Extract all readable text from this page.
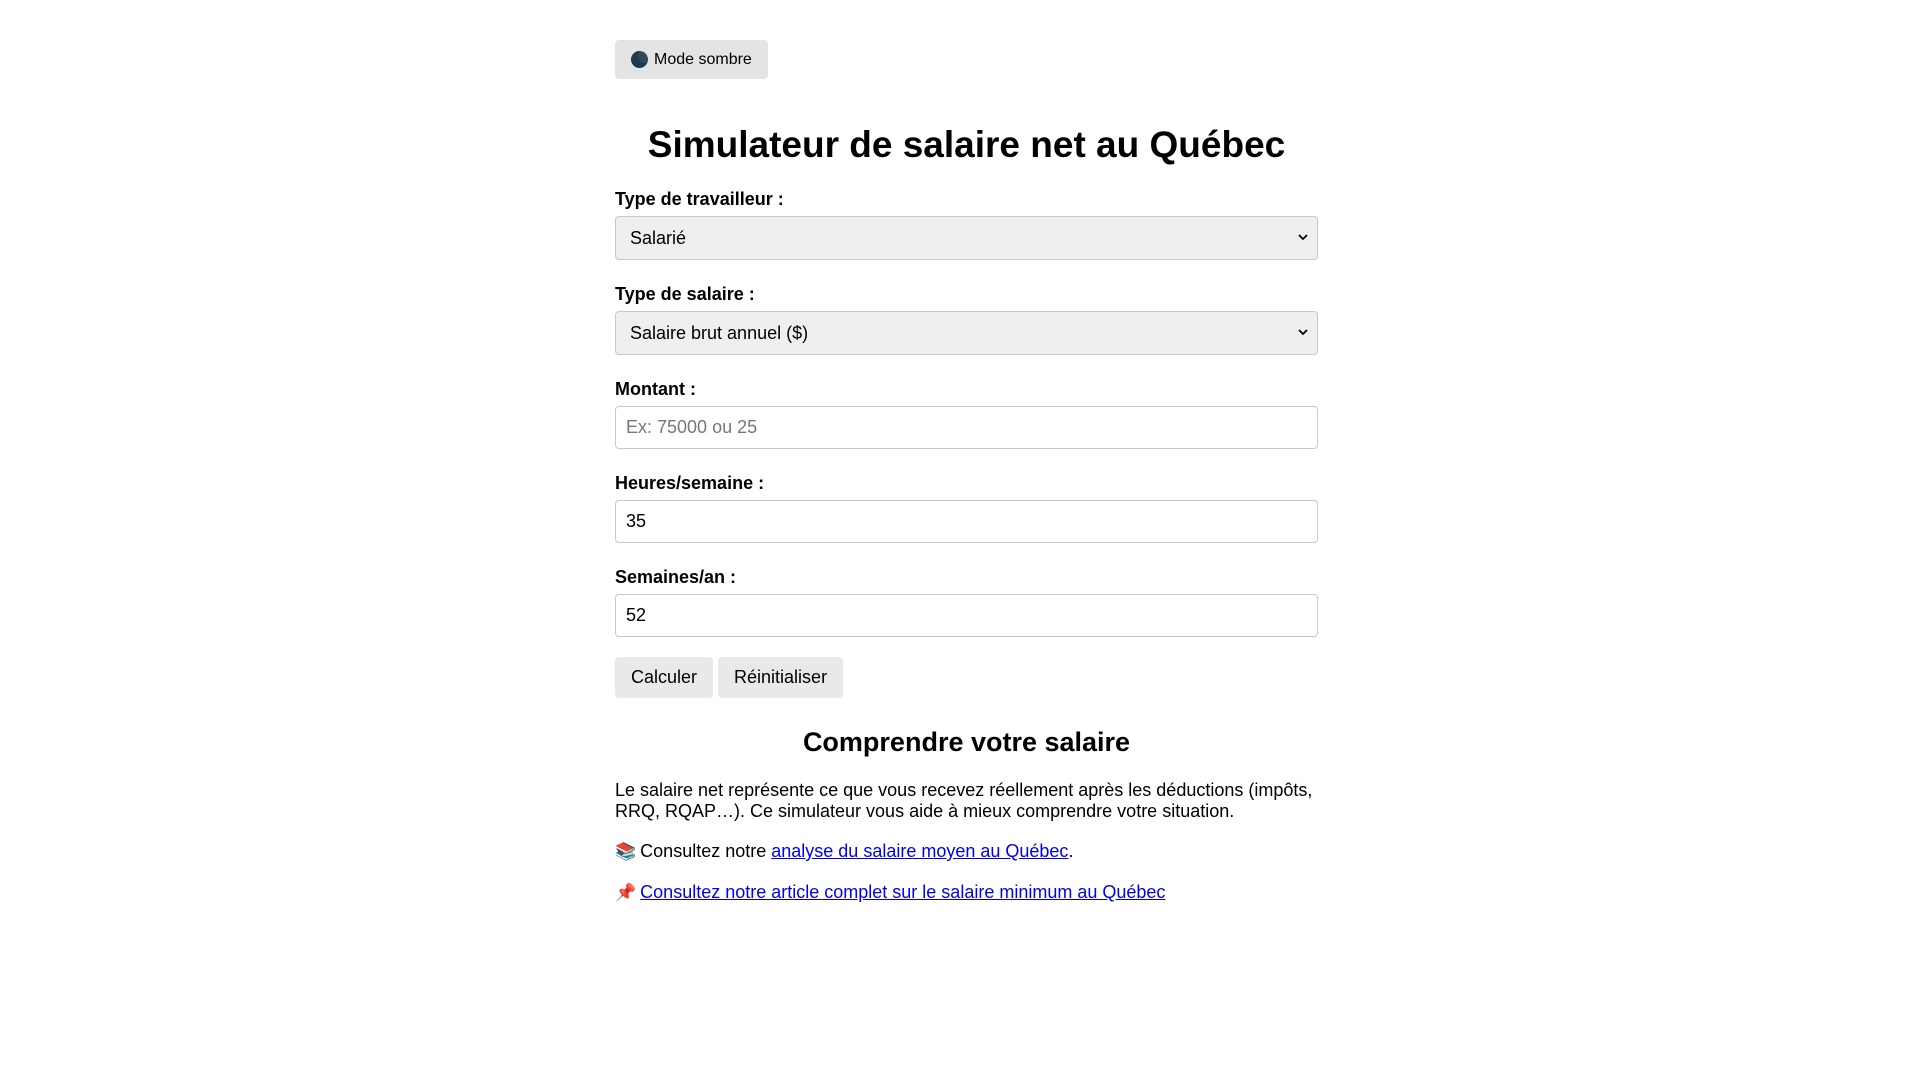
Mode sombre
Simulateur de salaire net au Québec
Type de travailleur :
Salarié
Type de salaire :
Salaire brut annuel ($)
Montant :
Ex: 75000 ou 25
Heures/semaine :
35
Semaines/an :
52
Calculer	Réinitialiser
Comprendre votre salaire

Le salaire net représente ce que vous recevez réellement après les déductions (impôts, RRQ, RQAP…). Ce simulateur vous aide à mieux comprendre votre situation.

📚 Consultez notre analyse du salaire moyen au Québec.

📌 Consultez notre article complet sur le salaire minimum au Québec
